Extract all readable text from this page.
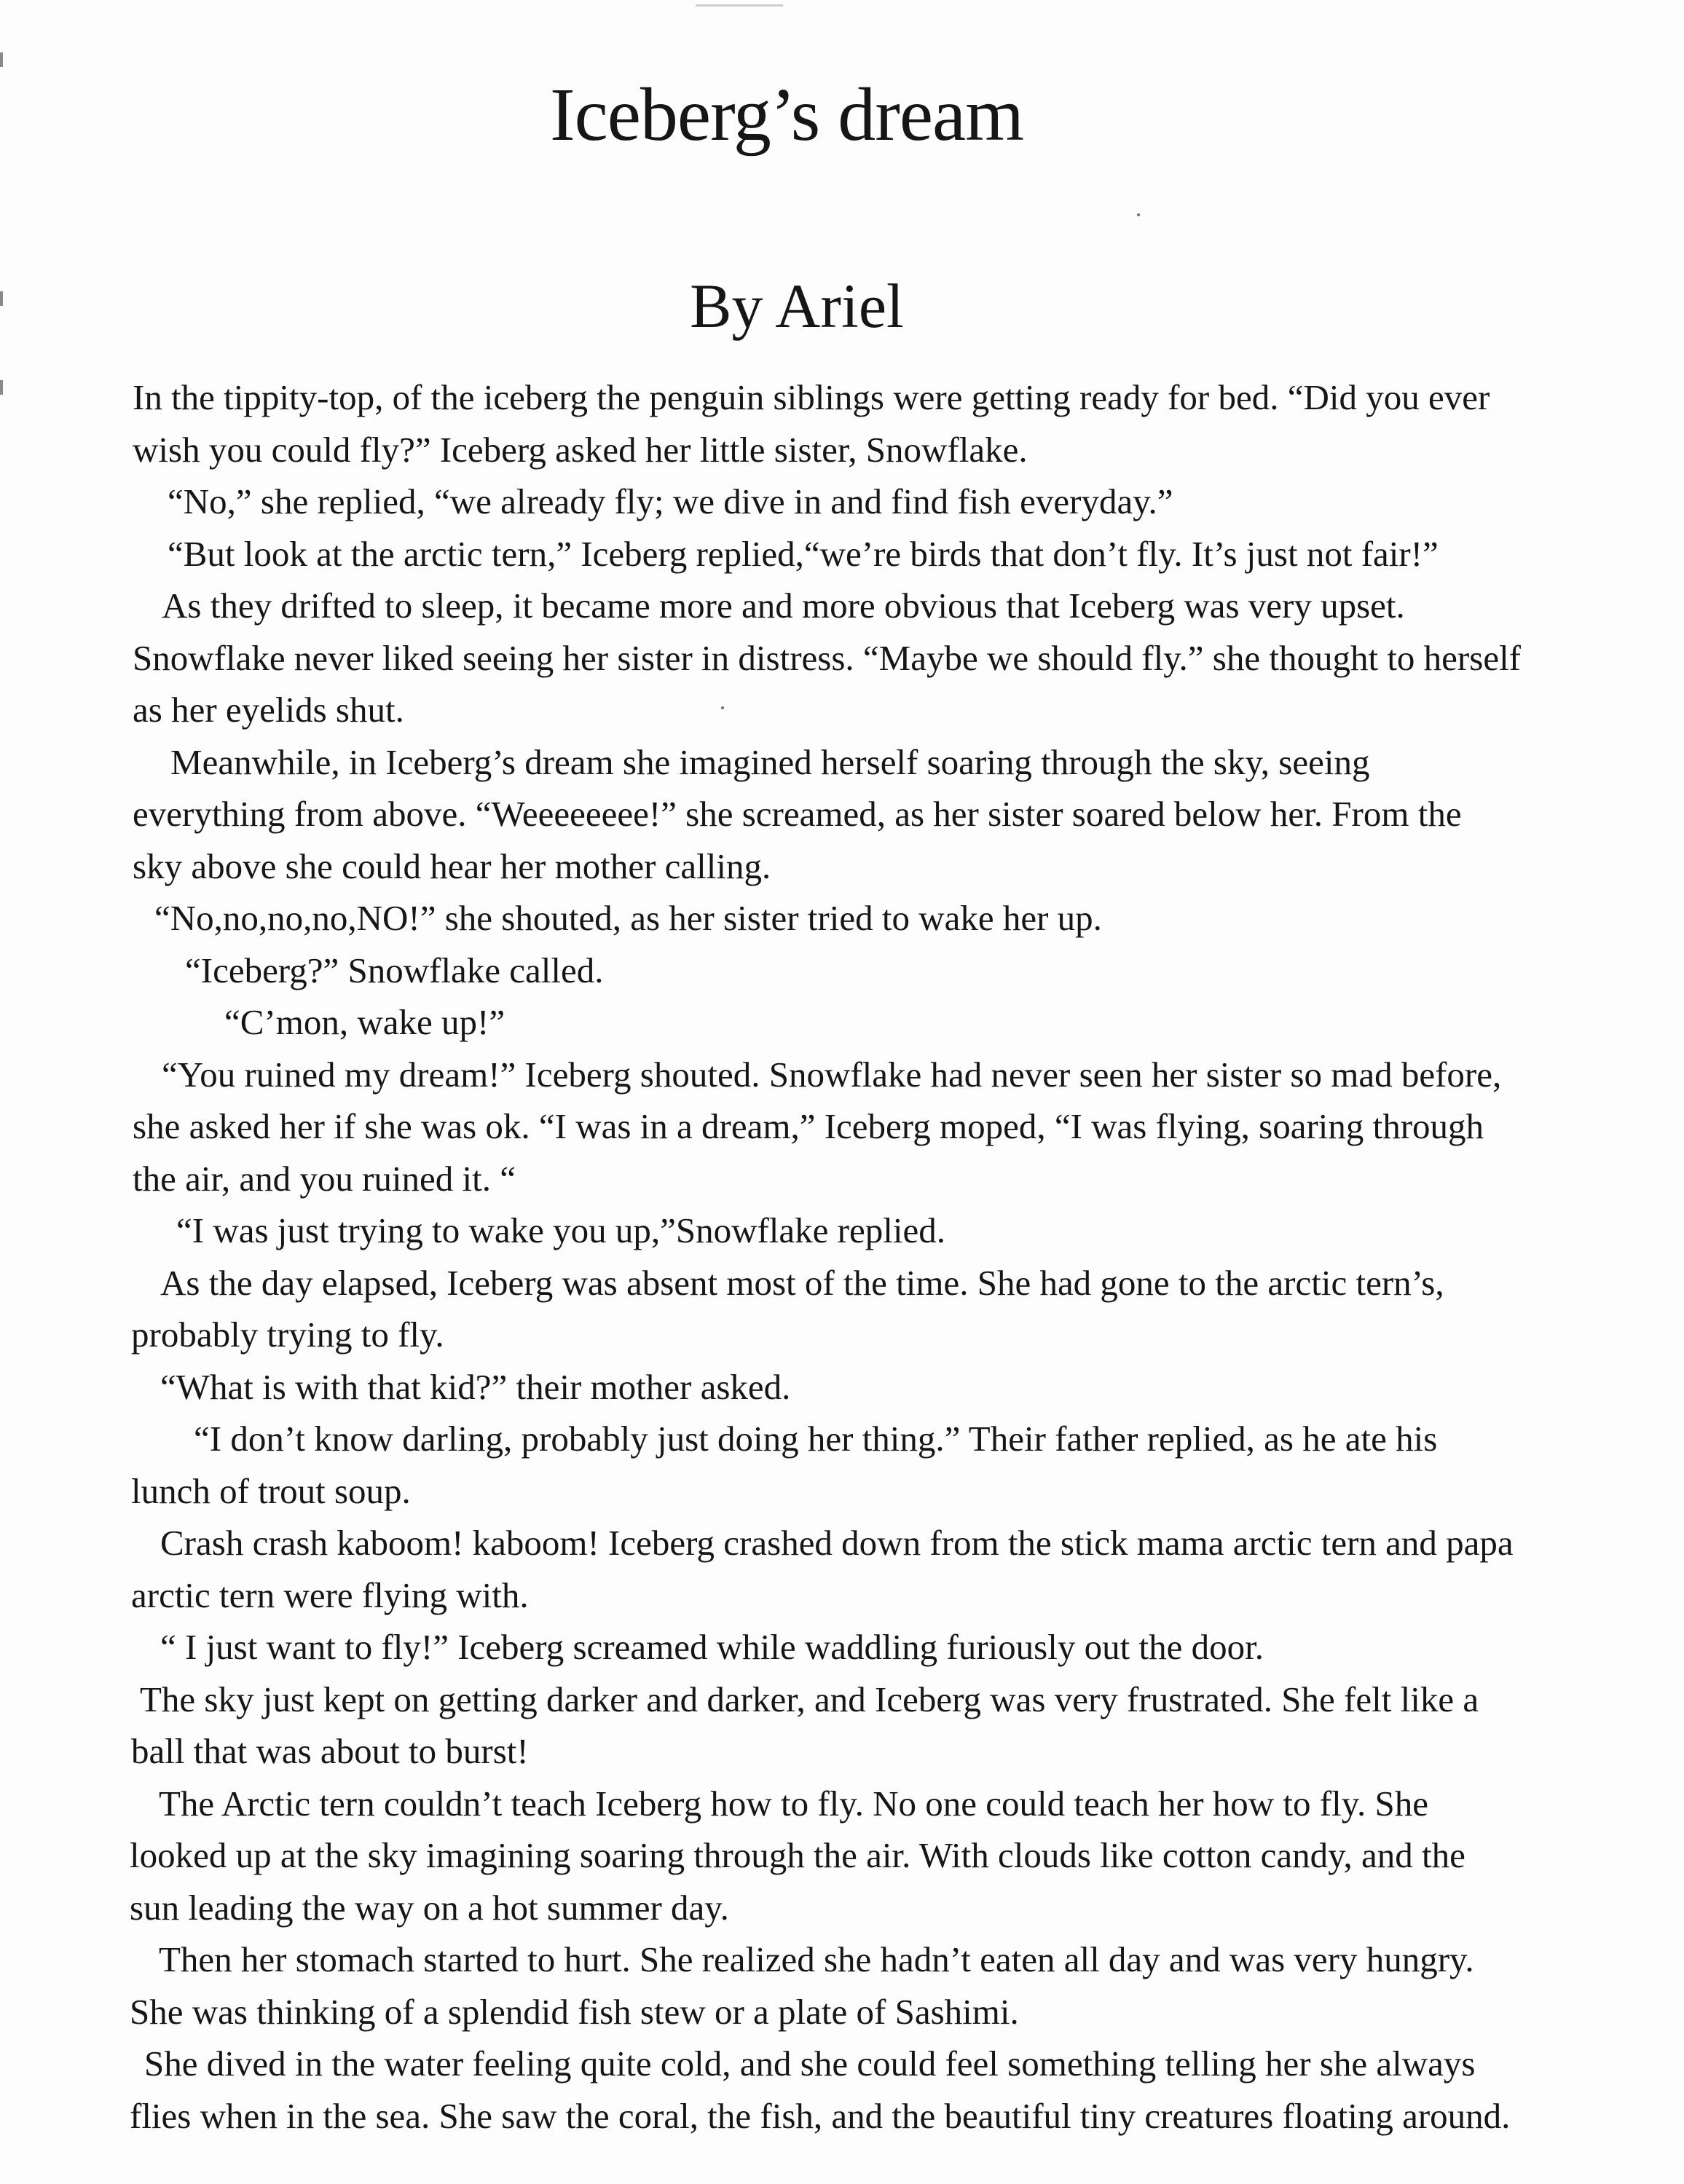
Iceberg’s dream
By Ariel
In the tippity-top, of the iceberg the penguin siblings were getting ready for bed. “Did you ever
wish you could fly?” Iceberg asked her little sister, Snowflake.
“No,” she replied, “we already fly; we dive in and find fish everyday.”
“But look at the arctic tern,” Iceberg replied,“we’re birds that don’t fly. It’s just not fair!”
As they drifted to sleep, it became more and more obvious that Iceberg was very upset.
Snowflake never liked seeing her sister in distress. “Maybe we should fly.” she thought to herself
as her eyelids shut.
Meanwhile, in Iceberg’s dream she imagined herself soaring through the sky, seeing
everything from above. “Weeeeeeee!” she screamed, as her sister soared below her. From the
sky above she could hear her mother calling.
“No,no,no,no,NO!” she shouted, as her sister tried to wake her up.
“Iceberg?” Snowflake called.
“C’mon, wake up!”
“You ruined my dream!” Iceberg shouted. Snowflake had never seen her sister so mad before,
she asked her if she was ok. “I was in a dream,” Iceberg moped, “I was flying, soaring through
the air, and you ruined it. “
“I was just trying to wake you up,”Snowflake replied.
As the day elapsed, Iceberg was absent most of the time. She had gone to the arctic tern’s,
probably trying to fly.
“What is with that kid?” their mother asked.
“I don’t know darling, probably just doing her thing.” Their father replied, as he ate his
lunch of trout soup.
Crash crash kaboom! kaboom! Iceberg crashed down from the stick mama arctic tern and papa
arctic tern were flying with.
“ I just want to fly!” Iceberg screamed while waddling furiously out the door.
The sky just kept on getting darker and darker, and Iceberg was very frustrated. She felt like a
ball that was about to burst!
The Arctic tern couldn’t teach Iceberg how to fly. No one could teach her how to fly. She
looked up at the sky imagining soaring through the air. With clouds like cotton candy, and the
sun leading the way on a hot summer day.
Then her stomach started to hurt. She realized she hadn’t eaten all day and was very hungry.
She was thinking of a splendid fish stew or a plate of Sashimi.
She dived in the water feeling quite cold, and she could feel something telling her she always
flies when in the sea. She saw the coral, the fish, and the beautiful tiny creatures floating around.
